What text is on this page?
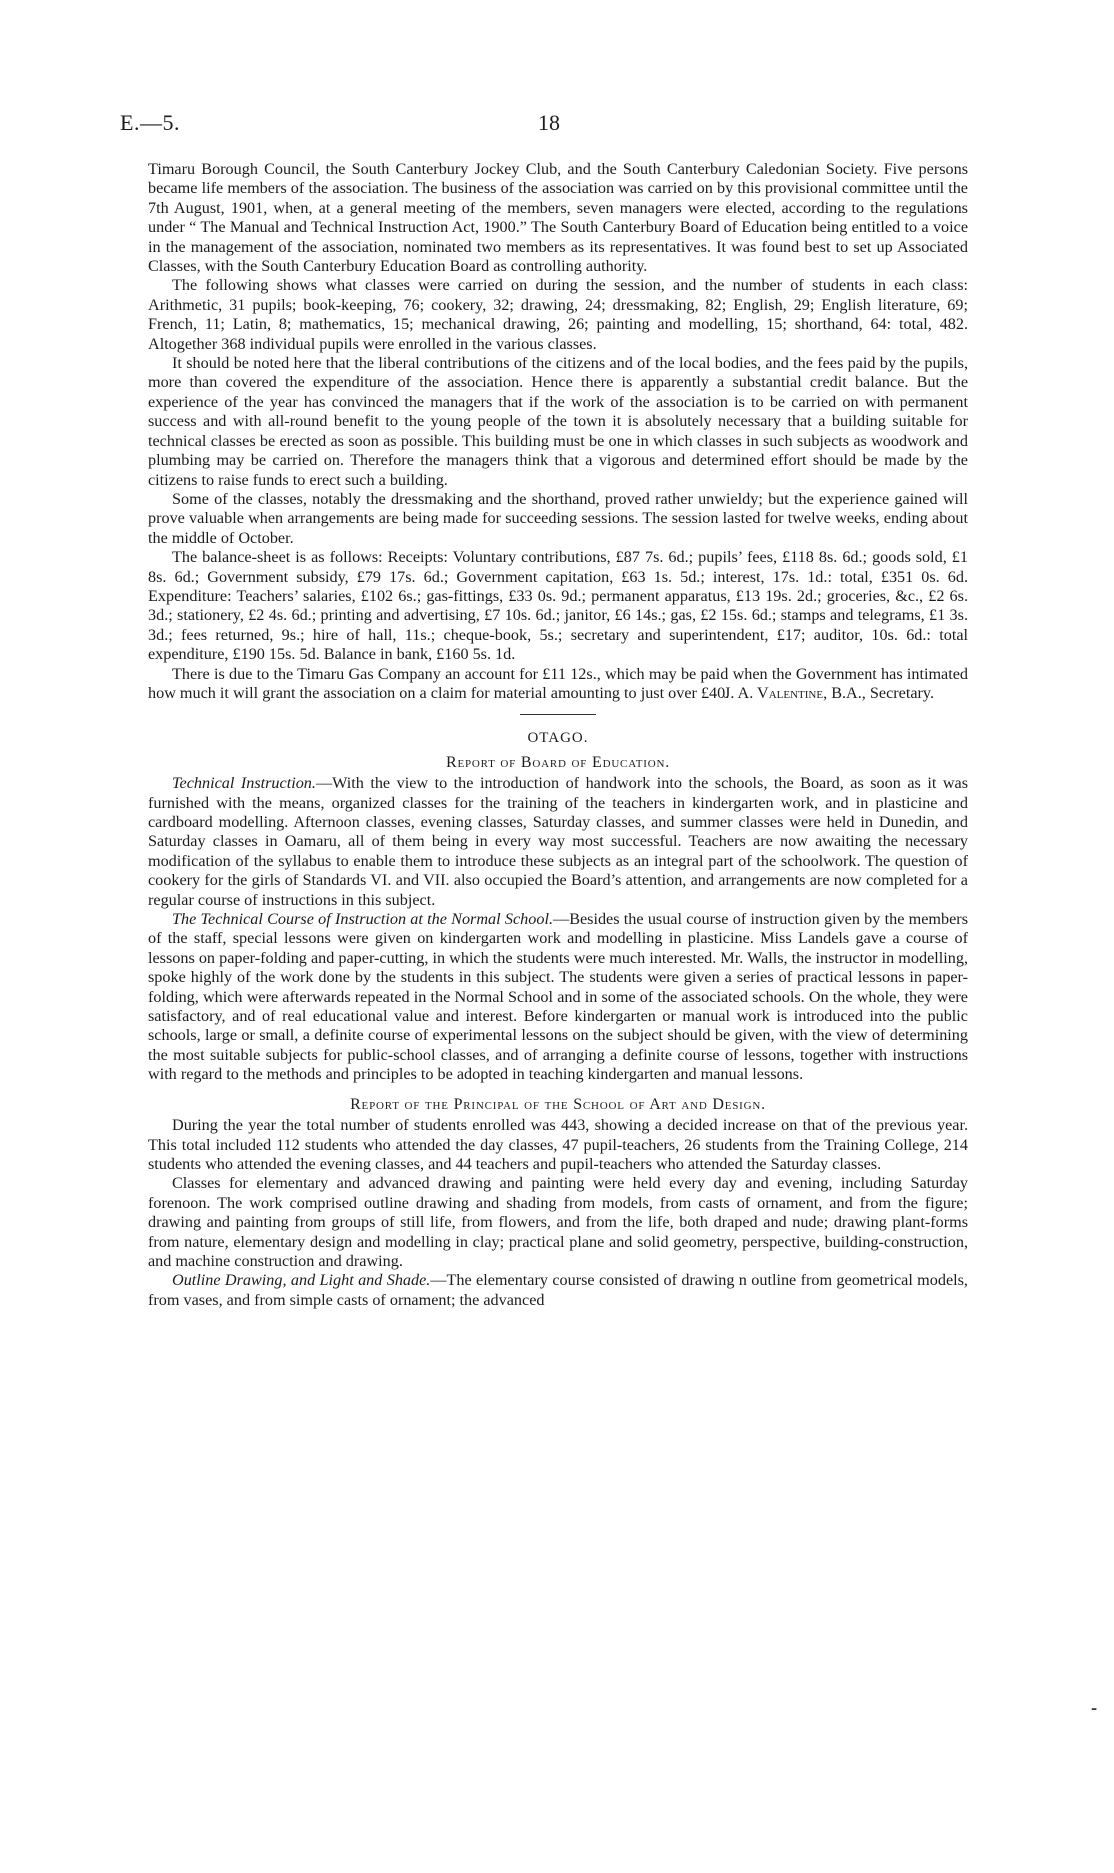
E.—5.	18

Timaru Borough Council, the South Canterbury Jockey Club, and the South Canterbury Caledonian Society. Five persons became life members of the association. The business of the association was carried on by this provisional committee until the 7th August, 1901, when, at a general meeting of the members, seven managers were elected, according to the regulations under “ The Manual and Technical Instruction Act, 1900.” The South Canterbury Board of Education being entitled to a voice in the management of the association, nominated two members as its representatives. It was found best to set up Associated Classes, with the South Canterbury Education Board as controlling authority.

The following shows what classes were carried on during the session, and the number of students in each class: Arithmetic, 31 pupils; book-keeping, 76; cookery, 32; drawing, 24; dressmaking, 82; English, 29; English literature, 69; French, 11; Latin, 8; mathematics, 15; mechanical drawing, 26; painting and modelling, 15; shorthand, 64: total, 482. Altogether 368 individual pupils were enrolled in the various classes.

It should be noted here that the liberal contributions of the citizens and of the local bodies, and the fees paid by the pupils, more than covered the expenditure of the association. Hence there is apparently a substantial credit balance. But the experience of the year has convinced the managers that if the work of the association is to be carried on with permanent success and with all-round benefit to the young people of the town it is absolutely necessary that a building suitable for technical classes be erected as soon as possible. This building must be one in which classes in such subjects as woodwork and plumbing may be carried on. Therefore the managers think that a vigorous and determined effort should be made by the citizens to raise funds to erect such a building.

Some of the classes, notably the dressmaking and the shorthand, proved rather unwieldy; but the experience gained will prove valuable when arrangements are being made for succeeding sessions. The session lasted for twelve weeks, ending about the middle of October.

The balance-sheet is as follows: Receipts: Voluntary contributions, £87 7s. 6d.; pupils’ fees, £118 8s. 6d.; goods sold, £1 8s. 6d.; Government subsidy, £79 17s. 6d.; Government capitation, £63 1s. 5d.; interest, 17s. 1d.: total, £351 0s. 6d. Expenditure: Teachers’ salaries, £102 6s.; gas-fittings, £33 0s. 9d.; permanent apparatus, £13 19s. 2d.; groceries, &c., £2 6s. 3d.; stationery, £2 4s. 6d.; printing and advertising, £7 10s. 6d.; janitor, £6 14s.; gas, £2 15s. 6d.; stamps and telegrams, £1 3s. 3d.; fees returned, 9s.; hire of hall, 11s.; cheque-book, 5s.; secretary and superintendent, £17; auditor, 10s. 6d.: total expenditure, £190 15s. 5d. Balance in bank, £160 5s. 1d.

There is due to the Timaru Gas Company an account for £11 12s., which may be paid when the Government has intimated how much it will grant the association on a claim for material amounting to just over £40.

J. A. Valentine, B.A., Secretary.
OTAGO.
Report of Board of Education.

Technical Instruction.—With the view to the introduction of handwork into the schools, the Board, as soon as it was furnished with the means, organized classes for the training of the teachers in kindergarten work, and in plasticine and cardboard modelling. Afternoon classes, evening classes, Saturday classes, and summer classes were held in Dunedin, and Saturday classes in Oamaru, all of them being in every way most successful. Teachers are now awaiting the necessary modification of the syllabus to enable them to introduce these subjects as an integral part of the schoolwork. The question of cookery for the girls of Standards VI. and VII. also occupied the Board’s attention, and arrangements are now completed for a regular course of instructions in this subject.

The Technical Course of Instruction at the Normal School.—Besides the usual course of instruction given by the members of the staff, special lessons were given on kindergarten work and modelling in plasticine. Miss Landels gave a course of lessons on paper-folding and paper-cutting, in which the students were much interested. Mr. Walls, the instructor in modelling, spoke highly of the work done by the students in this subject. The students were given a series of practical lessons in paper-folding, which were afterwards repeated in the Normal School and in some of the associated schools. On the whole, they were satisfactory, and of real educational value and interest. Before kindergarten or manual work is introduced into the public schools, large or small, a definite course of experimental lessons on the subject should be given, with the view of determining the most suitable subjects for public-school classes, and of arranging a definite course of lessons, together with instructions with regard to the methods and principles to be adopted in teaching kindergarten and manual lessons.

Report of the Principal of the School of Art and Design.

During the year the total number of students enrolled was 443, showing a decided increase on that of the previous year. This total included 112 students who attended the day classes, 47 pupil-teachers, 26 students from the Training College, 214 students who attended the evening classes, and 44 teachers and pupil-teachers who attended the Saturday classes.

Classes for elementary and advanced drawing and painting were held every day and evening, including Saturday forenoon. The work comprised outline drawing and shading from models, from casts of ornament, and from the figure; drawing and painting from groups of still life, from flowers, and from the life, both draped and nude; drawing plant-forms from nature, elementary design and modelling in clay; practical plane and solid geometry, perspective, building-construction, and machine construction and drawing.

Outline Drawing, and Light and Shade.—The elementary course consisted of drawing n outline from geometrical models, from vases, and from simple casts of ornament; the advanced

⁃
